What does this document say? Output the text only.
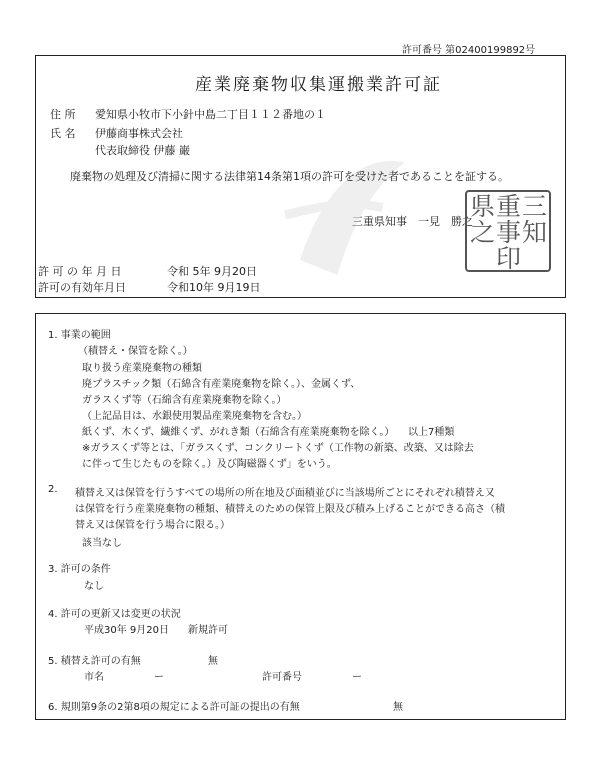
許可番号 第02400199892号
産業廃棄物収集運搬業許可証
住 所 愛知県小牧市下小針中島二丁目１１２番地の１
氏 名 伊藤商事株式会社
代表取締役 伊藤 巌
廃棄物の処理及び清掃に関する法律第14条第1項の許可を受けた者であることを証する。
三重県知事　一見　勝之
三
重
県
知
事
之
印
許 可 の 年 月 日	令和 5年 9月20日
許可の有効年月日	令和10年 9月19日
1. 事業の範囲
（積替え・保管を除く。）
取り扱う産業廃棄物の種類
廃プラスチック類（石綿含有産業廃棄物を除く。）、金属くず、
ガラスくず等（石綿含有産業廃棄物を除く。）
（上記品目は、水銀使用製品産業廃棄物を含む。）
紙くず、木くず、繊維くず、がれき類（石綿含有産業廃棄物を除く。） 以上7種類
※ガラスくず等とは、「ガラスくず、コンクリートくず（工作物の新築、改築、又は除去
に伴って生じたものを除く。）及び陶磁器くず」をいう。
2. 積替え又は保管を行うすべての場所の所在地及び面積並びに当該場所ごとにそれぞれ積替え又
は保管を行う産業廃棄物の種類、積替えのための保管上限及び積み上げることができる高さ（積
替え又は保管を行う場合に限る。）
該当なし
3. 許可の条件
なし
4. 許可の更新又は変更の状況
平成30年 9月20日 新規許可
5. 積替え許可の有無	無
市名	ー	許可番号	ー
6. 規則第9条の2第8項の規定による許可証の提出の有無	無
